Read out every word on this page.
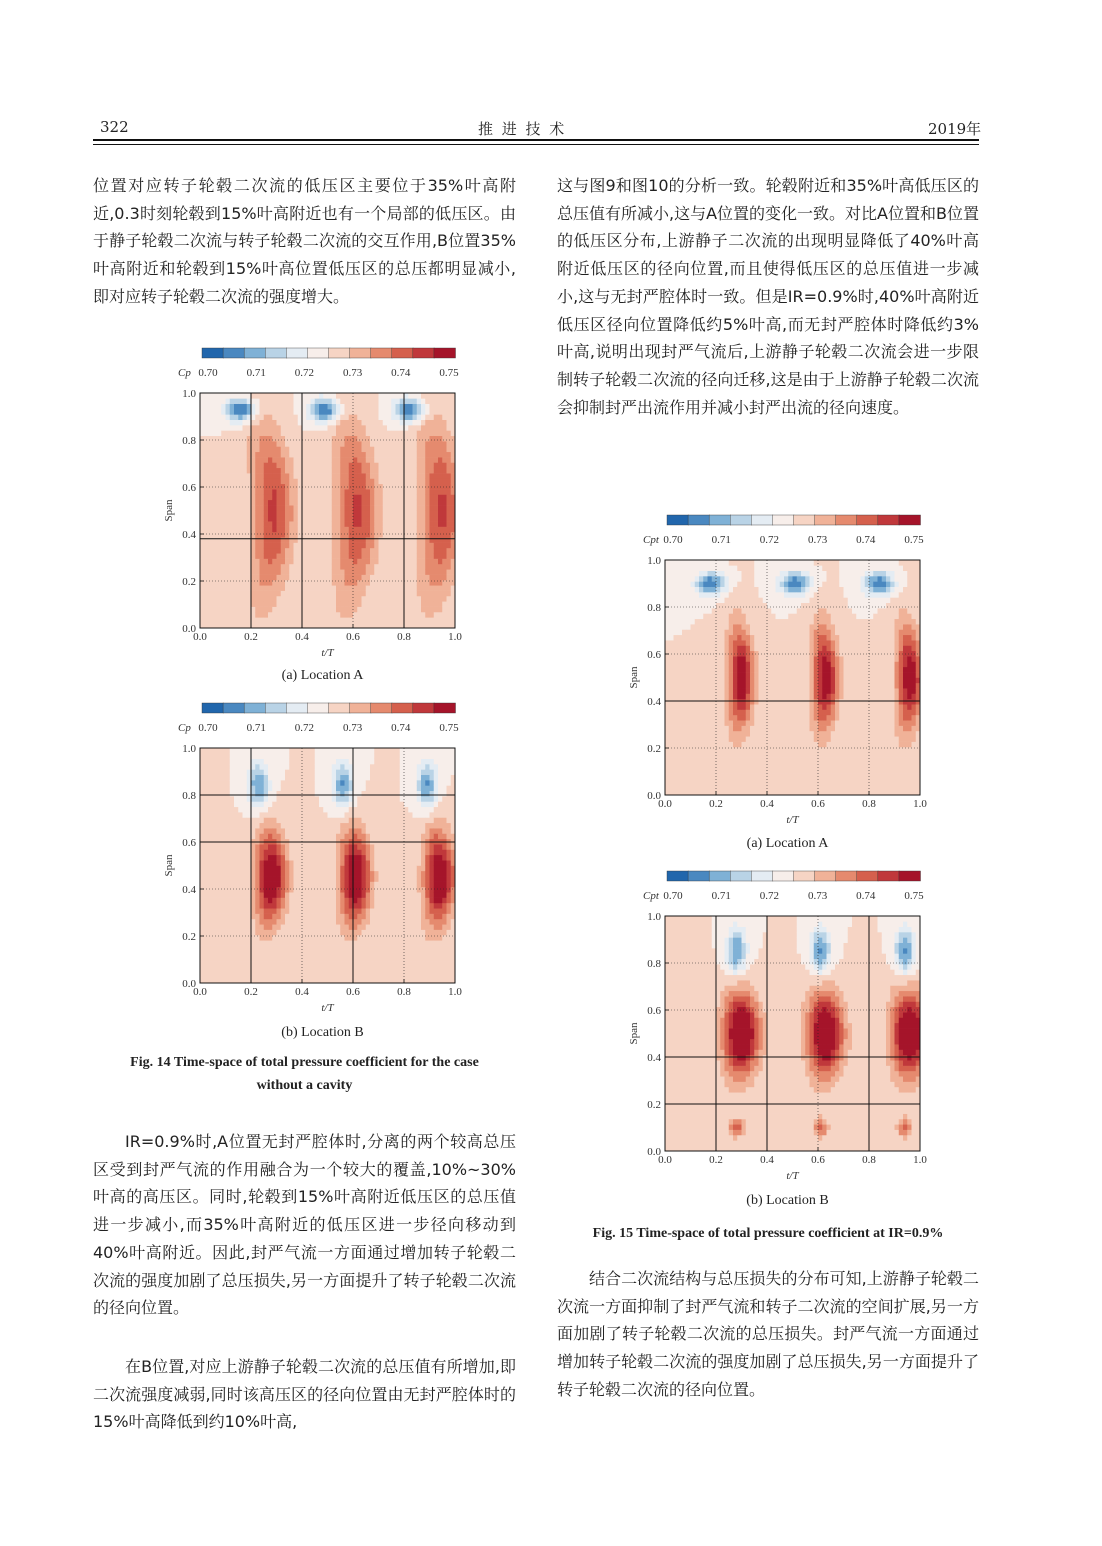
322	推 进 技 术	2019年

位置对应转子轮毂二次流的低压区主要位于35%叶高附近,0.3时刻轮毂到15%叶高附近也有一个局部的低压区。由于静子轮毂二次流与转子轮毂二次流的交互作用,B位置35%叶高附近和轮毂到15%叶高位置低压区的总压都明显减小,即对应转子轮毂二次流的强度增大。

Cp 0.70	0.71	0.72	0.73	0.74	0.75
0.0	0.2	0.4	0.6	0.8	1.0
0.0
0.2
0.4
0.6
0.8
1.0
t/T
Span
(a) Location A
Cp 0.70	0.71	0.72	0.73	0.74	0.75
0.0	0.2	0.4	0.6	0.8	1.0
0.0
0.2
0.4
0.6
0.8
1.0
t/T
Span
(b) Location B
Fig. 14 Time-space of total pressure coefficient for the case
without a cavity

IR=0.9%时,A位置无封严腔体时,分离的两个较高总压区受到封严气流的作用融合为一个较大的覆盖,10%~30%叶高的高压区。同时,轮毂到15%叶高附近低压区的总压值进一步减小,而35%叶高附近的低压区进一步径向移动到40%叶高附近。因此,封严气流一方面通过增加转子轮毂二次流的强度加剧了总压损失,另一方面提升了转子轮毂二次流的径向位置。

在B位置,对应上游静子轮毂二次流的总压值有所增加,即二次流强度减弱,同时该高压区的径向位置由无封严腔体时的15%叶高降低到约10%叶高,

这与图9和图10的分析一致。轮毂附近和35%叶高低压区的总压值有所减小,这与A位置的变化一致。对比A位置和B位置的低压区分布,上游静子二次流的出现明显降低了40%叶高附近低压区的径向位置,而且使得低压区的总压值进一步减小,这与无封严腔体时一致。但是IR=0.9%时,40%叶高附近低压区径向位置降低约5%叶高,而无封严腔体时降低约3%叶高,说明出现封严气流后,上游静子轮毂二次流会进一步限制转子轮毂二次流的径向迁移,这是由于上游静子轮毂二次流会抑制封严出流作用并减小封严出流的径向速度。

Cpt 0.70	0.71	0.72	0.73	0.74	0.75
0.0	0.2	0.4	0.6	0.8	1.0
0.0
0.2
0.4
0.6
0.8
1.0
t/T
Span
(a) Location A
Cpt 0.70	0.71	0.72	0.73	0.74	0.75
0.0	0.2	0.4	0.6	0.8	1.0
0.0
0.2
0.4
0.6
0.8
1.0
t/T
Span
(b) Location B
Fig. 15 Time-space of total pressure coefficient at IR=0.9%

结合二次流结构与总压损失的分布可知,上游静子轮毂二次流一方面抑制了封严气流和转子二次流的空间扩展,另一方面加剧了转子轮毂二次流的总压损失。封严气流一方面通过增加转子轮毂二次流的强度加剧了总压损失,另一方面提升了转子轮毂二次流的径向位置。
